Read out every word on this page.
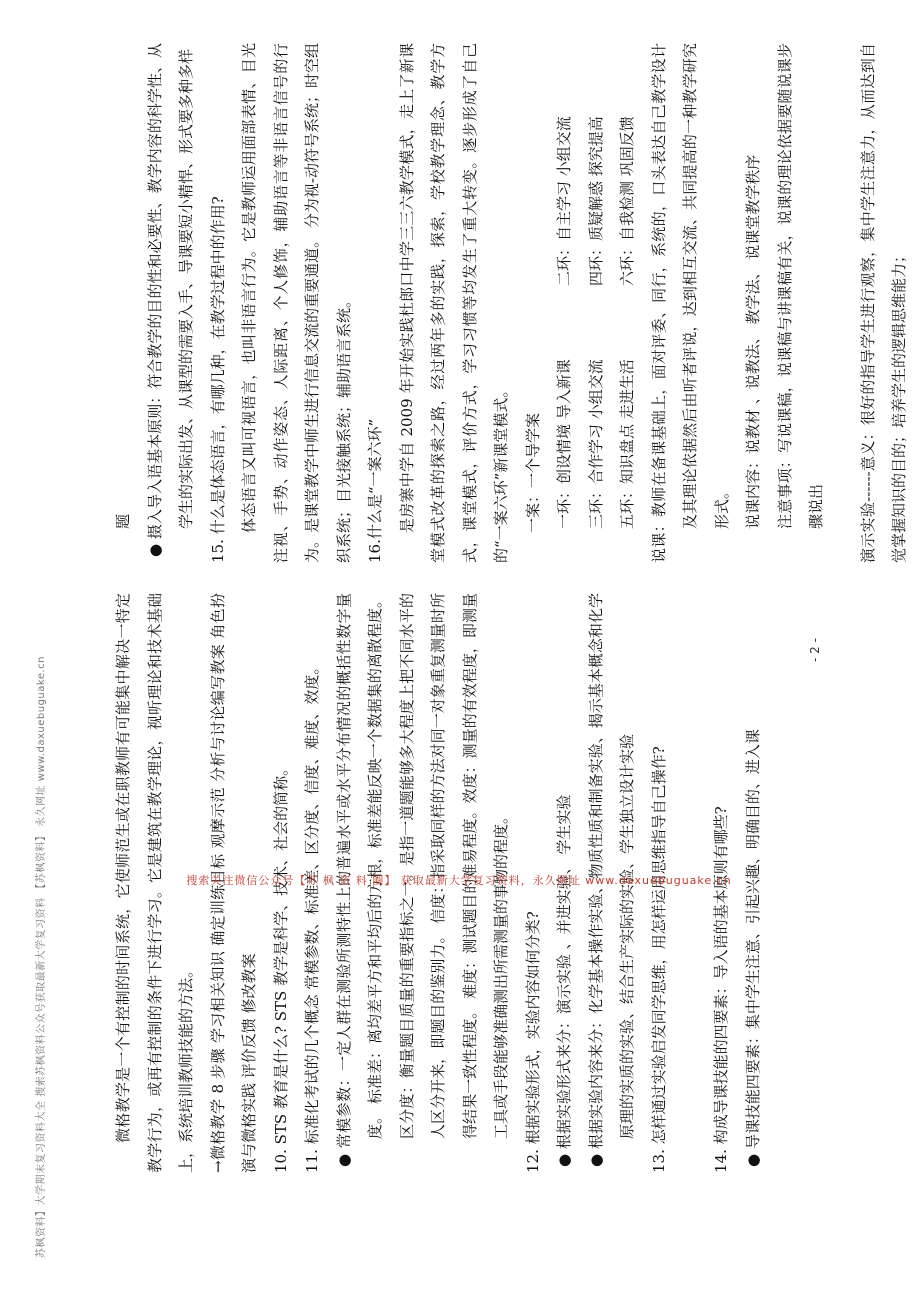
苏枫资料】大学期末复习资料大全 搜索苏枫资料公众号获取最新大学复习资料 【苏枫资料】 永久网址 www.daxuebuguake.cn	微格教学是一个有控制的时间系统，它使师范生或在职教师有可能集中解决一特定教学行为，或再有控制的条件下进行学习。它是建筑在教学理论，视听理论和技术基础上，系统培训教师技能的方法。 →微格教学 8 步骤 学习相关知识 确定训练目标 观摩示范 分析与讨论编写教案 角色扮演与微格实践 评价反馈 修改教案 10. STS 教育是什么? STS 教学是科学、技术、社会的简称。 11. 标准化考试的几个概念 常模参数、标准差、区分度、信度、难度、效度。 ● 常模参数：一定人群在测验所测特性上的普遍水平或水平分布情况的概括性数字量度。 标准差：离均差平方和平均后的方根，标准差能反映一个数据集的离散程度。 区分度：衡量题目质量的重要指标之一。是指一道题能够多大程度上把不同水平的人区分开来，即题目的鉴别力。 信度：指采取同样的方法对同一对象重复测量时所得结果一致性程度。 难度：测试题目的难易程度。效度：测量的有效程度，即测量工具或手段能够准确测出所需测量的事物的程度。 12. 根据实验形式，实验内容如何分类? ● 根据实验形式来分：演示实验 、并进实验、 学生实验 ● 根据实验内容来分：化学基本操作实验、物质性质和制备实验、揭示基本概念和化学原理的实质的实验、结合生产实际的实验、学生独立设计实验 13. 怎样通过实验启发同学思维，用怎样运用思维指导自己操作?	14. 构成导课技能的四要素：导入语的基本原则有哪些? ● 导课技能四要素：集中学生注意、引起兴趣、明确目的、进入课

题 ● 摄入导入语基本原则：符合教学的目的性和必要性、教学内容的科学性、从学生的实际出发、从课型的需要入手、导课要短小精悍、形式要多种多样 15. 什么是体态语言，有哪几种，在教学过程中的作用? 体态语言又叫可视语言，也叫非语言行为。它是教师运用面部表情、目光注视、手势、动作姿态、人际距离、个人修饰，辅助语言等非语言信号的行为。是课堂教学中师生进行信息交流的重要通道。 分为视-动符号系统；时空组织系统；目光接触系统；辅助语言系统。 16.什么是“一案六环” 是房寨中学自 2009 年开始实践杜郎口中学三三六教学模式，走上了新课堂模式改革的探索之路，经过两年多的实践，探索，学校教学理念、教学方式，课堂模式，评价方式，学习习惯等均发生了重大转变。逐步形成了自己的“一案六环”新课堂模式。 一案：一个导学案 一环：创设情境 导入新课
二环：自主学习 小组交流
三环：合作学习 小组交流
四环：质疑解惑 探究提高
五环：知识盘点 走进生活
六环：自我检测 巩固反馈 说课：教师在备课基础上，面对评委、同行，系统的，口头表达自己教学设计及其理论依据然后由听者评说，达到相互交流、共同提高的一种教学研究形式。 说课内容：说教材 、说教法、 教学法、 说课堂教学秩序 注意事项：写说课稿，说课稿与讲课稿有关，说课的理论依据要随说课步骤说出	演示实验------意义：很好的指导学生进行观察，集中学生注意力，从而达到自觉掌握知识的目的；培养学生的逻辑思维能力；

- 2 -
搜索关注微信公众号【苏 枫 资 料 圈】 获取最新大学复习资料，永久网址 www.daxuebuguake.cn
